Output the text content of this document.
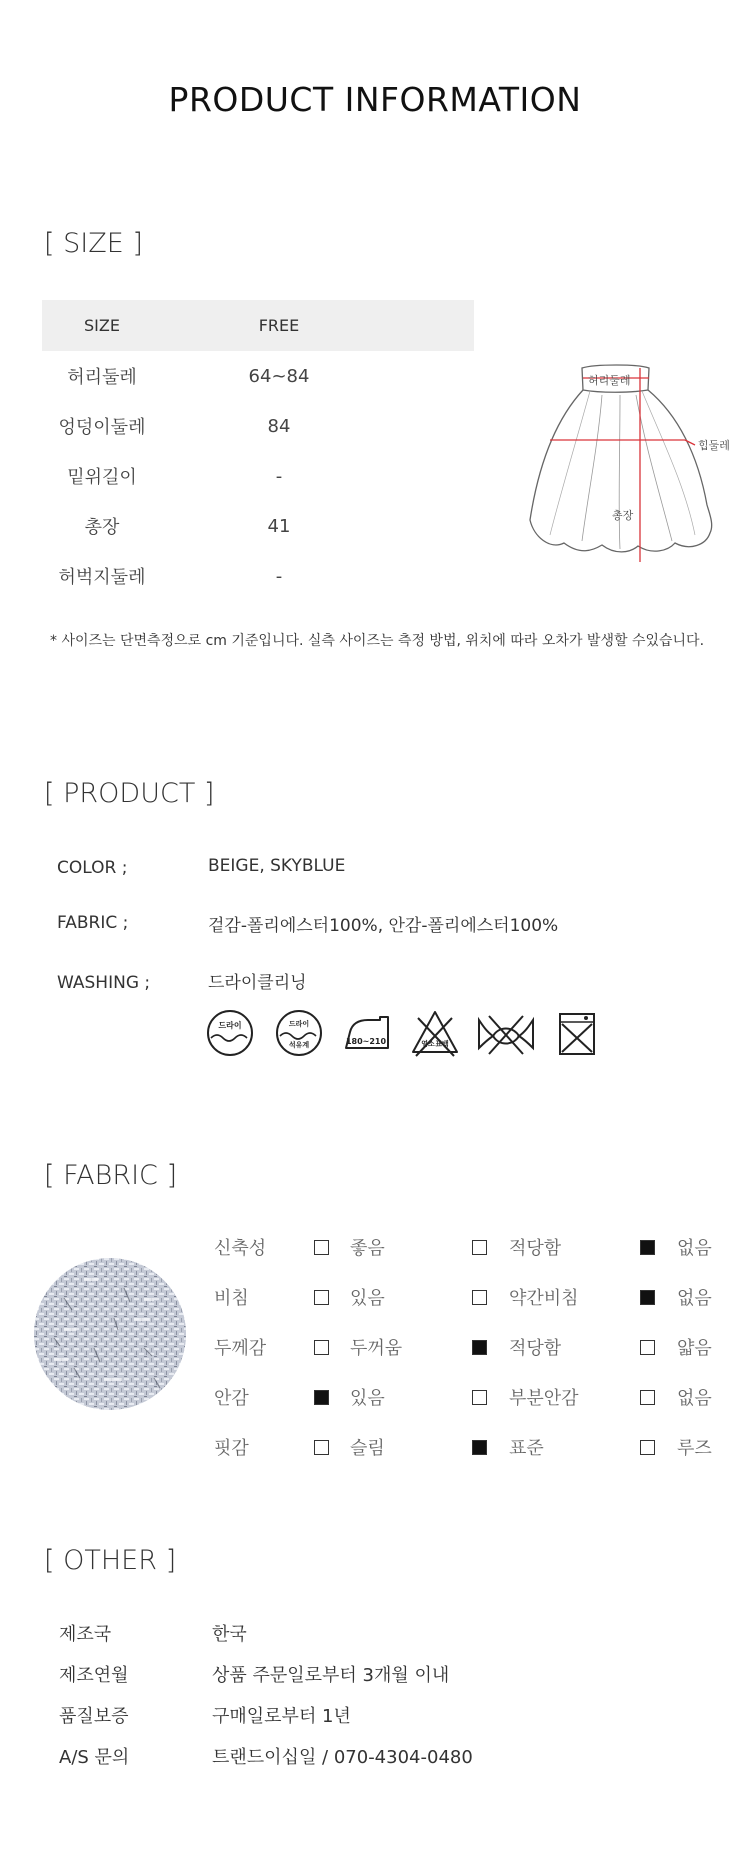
PRODUCT INFORMATION
[ SIZE ]
SIZE	FREE
허리둘레	64~84
엉덩이둘레	84
밑위길이	-
총장	41
허벅지둘레	-
허리둘레
힙둘레
총장
* 사이즈는 단면측정으로 cm 기준입니다. 실측 사이즈는 측정 방법, 위치에 따라 오차가 발생할 수있습니다.
[ PRODUCT ]
COLOR ;	BEIGE, SKYBLUE
FABRIC ;	겉감-폴리에스터100%, 안감-폴리에스터100%
WASHING ;	드라이클리닝
드라이	드라이
석유계	180~210	염소 표백
[ FABRIC ]
신축성	좋음	적당함	없음
비침	있음	약간비침	없음
두께감	두꺼움	적당함	얇음
안감	있음	부분안감	없음
핏감	슬림	표준	루즈
[ OTHER ]
제조국	한국
제조연월	상품 주문일로부터 3개월 이내
품질보증	구매일로부터 1년
A/S 문의	트랜드이십일 / 070-4304-0480
